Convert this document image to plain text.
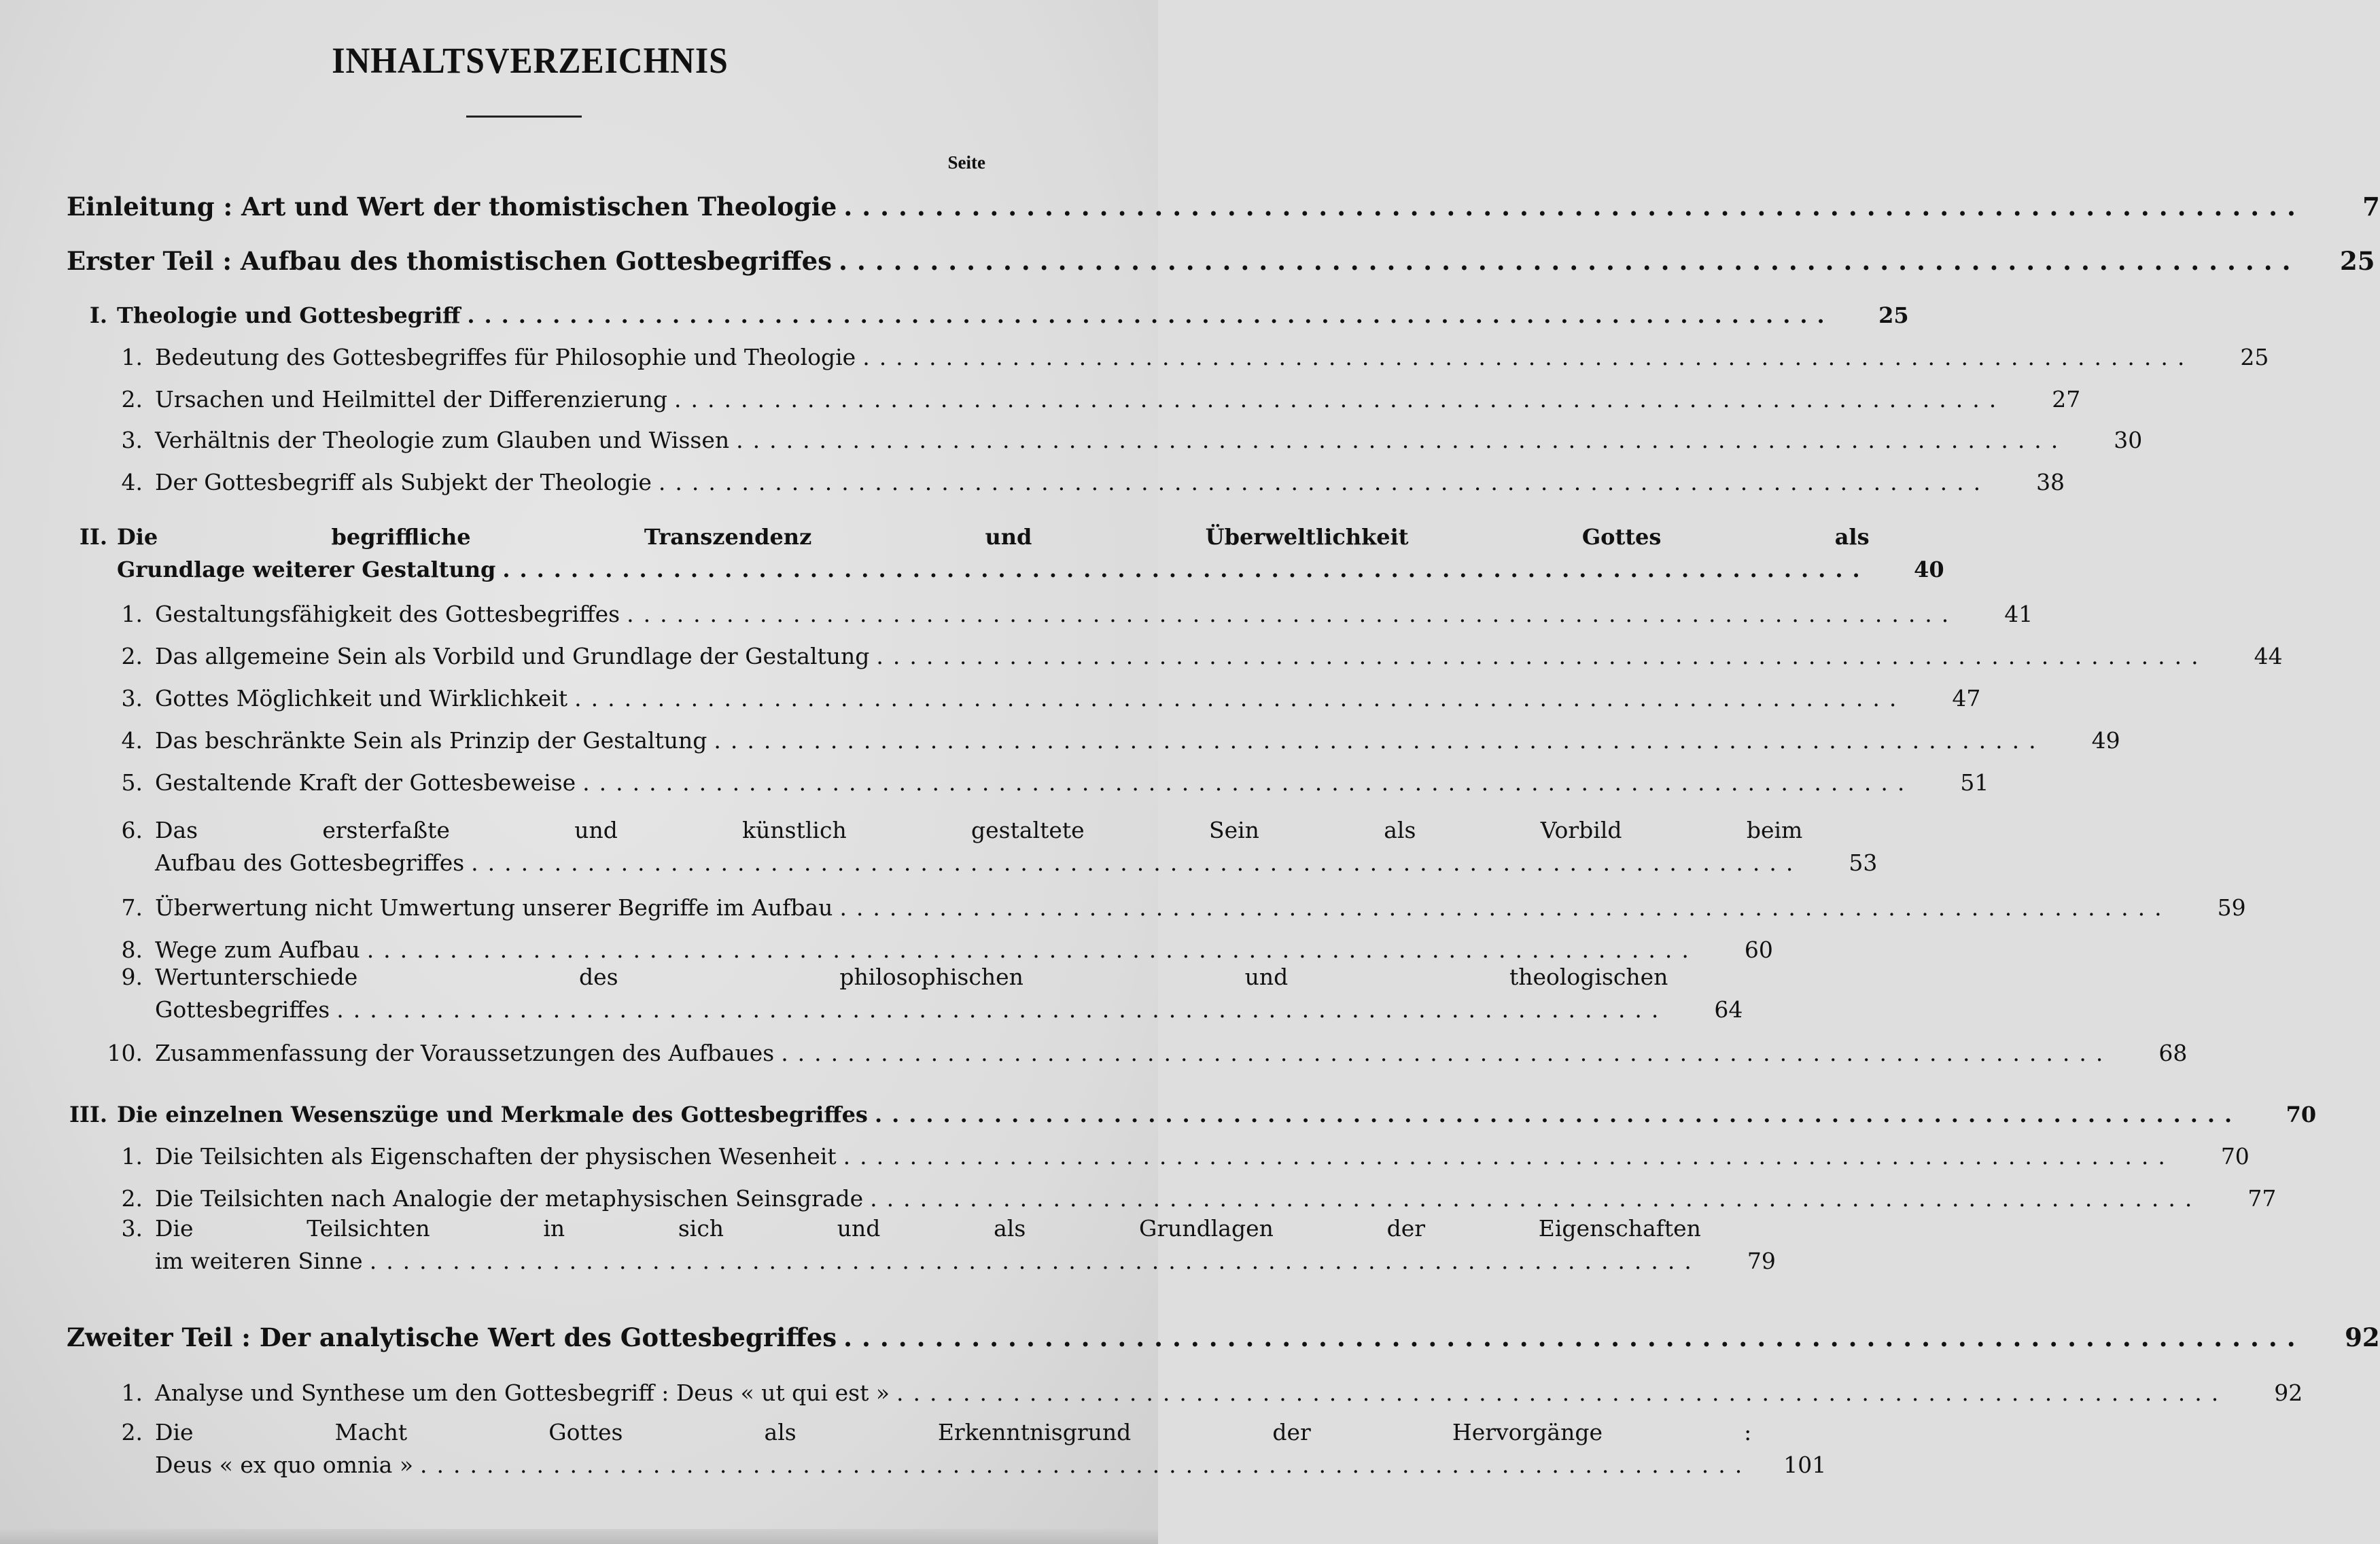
INHALTSVERZEICHNIS
Seite
Einleitung : Art und Wert der thomistischen Theologie ................................................................................	7
Erster Teil : Aufbau des thomistischen Gottesbegriffes ................................................................................	25
I. Theologie und Gottesbegriff ................................................................................	25
1. Bedeutung des Gottesbegriffes für Philosophie und Theologie ................................................................................	25
2. Ursachen und Heilmittel der Differenzierung ................................................................................	27
3. Verhältnis der Theologie zum Glauben und Wissen ................................................................................	30
4. Der Gottesbegriff als Subjekt der Theologie ................................................................................	38
II. Die begriffliche Transzendenz und Überweltlichkeit Gottes als
Grundlage weiterer Gestaltung ................................................................................	40
1. Gestaltungsfähigkeit des Gottesbegriffes ................................................................................	41
2. Das allgemeine Sein als Vorbild und Grundlage der Gestaltung ................................................................................	44
3. Gottes Möglichkeit und Wirklichkeit ................................................................................	47
4. Das beschränkte Sein als Prinzip der Gestaltung ................................................................................	49
5. Gestaltende Kraft der Gottesbeweise ................................................................................	51
6. Das ersterfaßte und künstlich gestaltete Sein als Vorbild beim
Aufbau des Gottesbegriffes ................................................................................	53
7. Überwertung nicht Umwertung unserer Begriffe im Aufbau ................................................................................	59
8. Wege zum Aufbau ................................................................................	60
9. Wertunterschiede des philosophischen und theologischen
Gottesbegriffes ................................................................................	64
10. Zusammenfassung der Voraussetzungen des Aufbaues ................................................................................	68
III. Die einzelnen Wesenszüge und Merkmale des Gottesbegriffes ................................................................................	70
1. Die Teilsichten als Eigenschaften der physischen Wesenheit ................................................................................	70
2. Die Teilsichten nach Analogie der metaphysischen Seinsgrade ................................................................................	77
3. Die Teilsichten in sich und als Grundlagen der Eigenschaften
im weiteren Sinne ................................................................................	79
Zweiter Teil : Der analytische Wert des Gottesbegriffes ................................................................................	92
1. Analyse und Synthese um den Gottesbegriff : Deus « ut qui est » ................................................................................	92
2. Die Macht Gottes als Erkenntnisgrund der Hervorgänge :
Deus « ex quo omnia » ................................................................................	101
